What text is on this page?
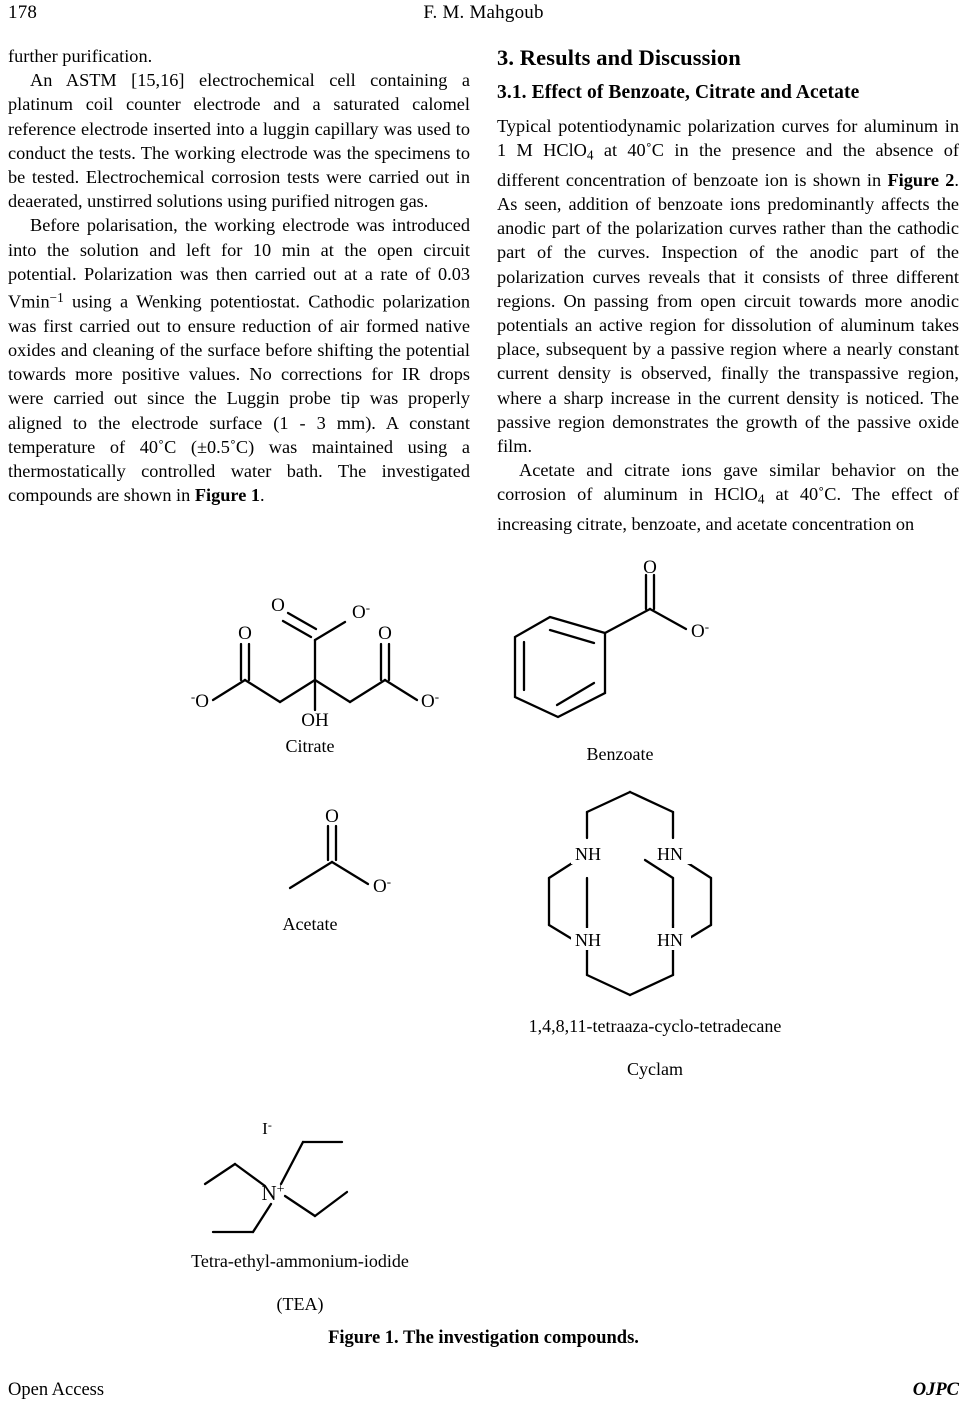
178	F. M. Mahgoub

further purification.

An ASTM [15,16] electrochemical cell containing a platinum coil counter electrode and a saturated calomel reference electrode inserted into a luggin capillary was used to conduct the tests. The working electrode was the specimens to be tested. Electrochemical corrosion tests were carried out in deaerated, unstirred solutions using purified nitrogen gas.

Before polarisation, the working electrode was introduced into the solution and left for 10 min at the open circuit potential. Polarization was then carried out at a rate of 0.03 Vmin$^{-1}$ using a Wenking potentiostat. Cathodic polarization was first carried out to ensure reduction of air formed native oxides and cleaning of the surface before shifting the potential towards more positive values. No corrections for IR drops were carried out since the Luggin probe tip was properly aligned to the electrode surface (1 - 3 mm). A constant temperature of 40˚C (±0.5˚C) was maintained using a thermostatically controlled water bath. The investigated compounds are shown in Figure 1.

3. Results and Discussion
3.1. Effect of Benzoate, Citrate and Acetate

Typical potentiodynamic polarization curves for aluminum in 1 M HClO$_4$ at 40˚C in the presence and the absence of different concentration of benzoate ion is shown in Figure 2. As seen, addition of benzoate ions predominantly affects the anodic part of the polarization curves rather than the cathodic part of the curves. Inspection of the anodic part of the polarization curves reveals that it consists of three different regions. On passing from open circuit towards more anodic potentials an active region for dissolution of aluminum takes place, subsequent by a passive region where a nearly constant current density is observed, finally the transpassive region, where a sharp increase in the current density is noticed. The passive region demonstrates the growth of the passive oxide film.

Acetate and citrate ions gave similar behavior on the corrosion of aluminum in HClO$_4$ at 40˚C. The effect of increasing citrate, benzoate, and acetate concentration on

O
O
O
OH
O-
-O	O-
Citrate
O
O-
Benzoate
O
O-
Acetate
NH	HN
NH	HN
1,4,8,11-tetraaza-cyclo-tetradecane
Cyclam
N+
I-
Tetra-ethyl-ammonium-iodide
(TEA)
Figure 1. The investigation compounds.
Open Access	OJPC
